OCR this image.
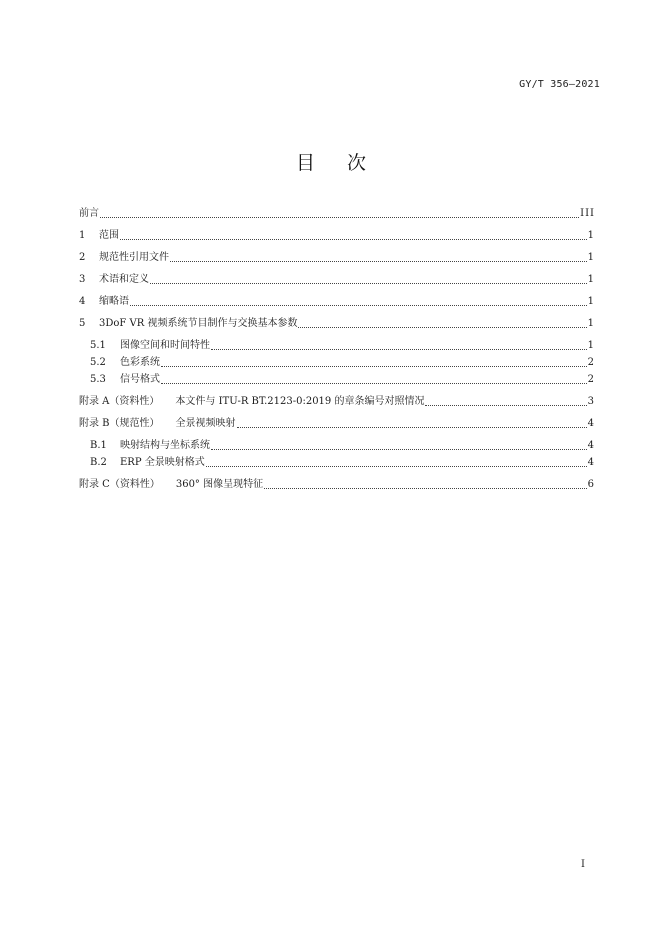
GY/T 356—2021
目次
前言	III
1 范围	1
2 规范性引用文件	1
3 术语和定义	1
4 缩略语	1
5 3DoF VR 视频系统节目制作与交换基本参数	1
5.1 图像空间和时间特性	1
5.2 色彩系统	2
5.3 信号格式	2
附录 A（资料性） 本文件与 ITU-R BT.2123-0:2019 的章条编号对照情况	3
附录 B（规范性） 全景视频映射	4
B.1 映射结构与坐标系统	4
B.2 ERP 全景映射格式	4
附录 C（资料性） 360° 图像呈现特征	6
I
